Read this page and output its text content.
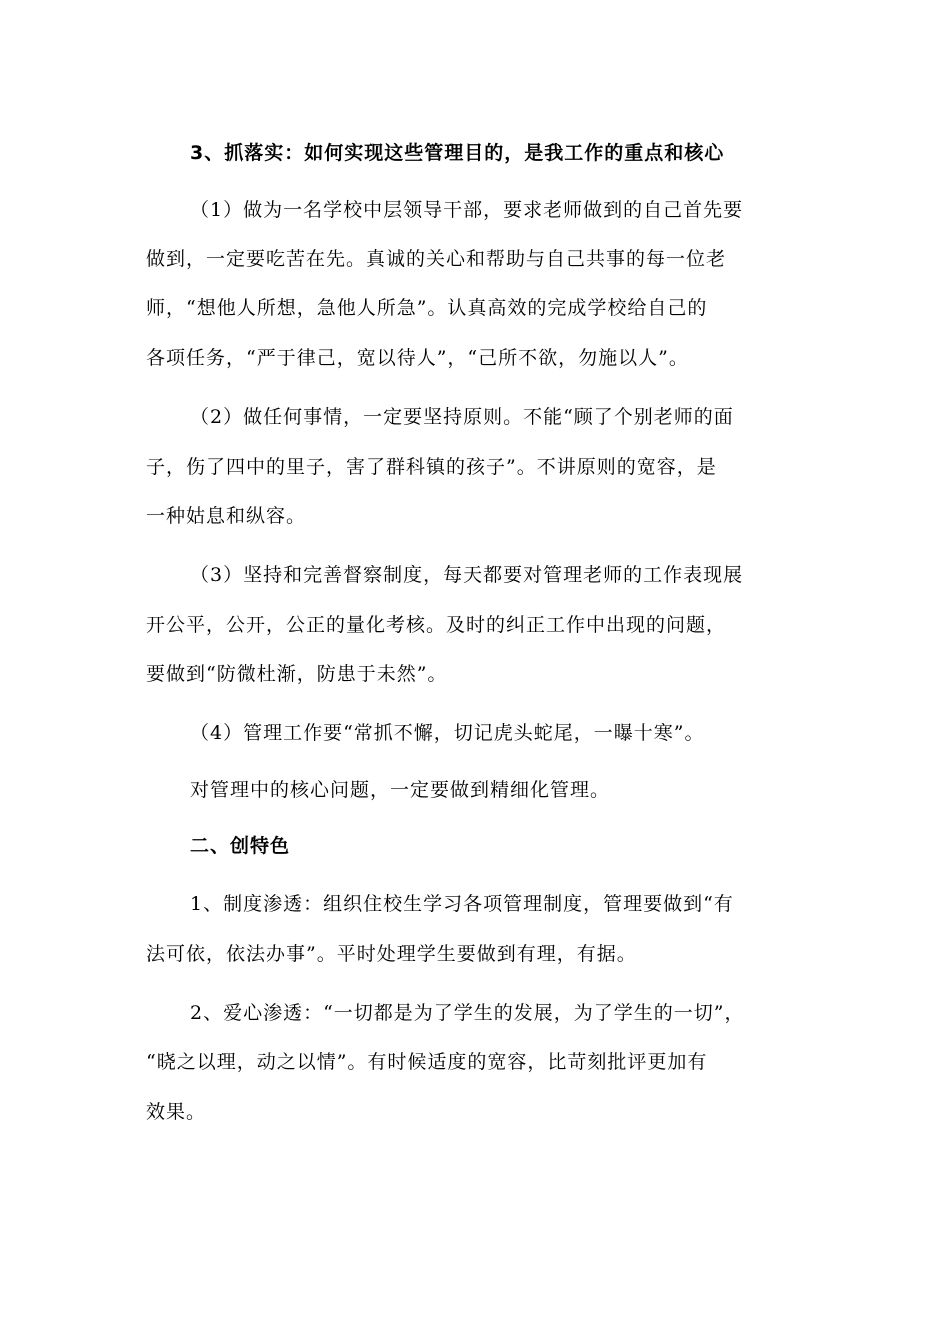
3、抓落实：如何实现这些管理目的，是我工作的重点和核心
（1）做为一名学校中层领导干部，要求老师做到的自己首先要
做到，一定要吃苦在先。真诚的关心和帮助与自己共事的每一位老
师，“想他人所想，急他人所急”。认真高效的完成学校给自己的
各项任务，“严于律己，宽以待人”，“己所不欲，勿施以人”。
（2）做任何事情，一定要坚持原则。不能“顾了个别老师的面
子，伤了四中的里子，害了群科镇的孩子”。不讲原则的宽容，是
一种姑息和纵容。
（3）坚持和完善督察制度，每天都要对管理老师的工作表现展
开公平，公开，公正的量化考核。及时的纠正工作中出现的问题，
要做到“防微杜渐，防患于未然”。
（4）管理工作要“常抓不懈，切记虎头蛇尾，一曝十寒”。
对管理中的核心问题，一定要做到精细化管理。
二、创特色
1、制度渗透：组织住校生学习各项管理制度，管理要做到“有
法可依，依法办事”。平时处理学生要做到有理，有据。
2、爱心渗透：“一切都是为了学生的发展，为了学生的一切”，
“晓之以理，动之以情”。有时候适度的宽容，比苛刻批评更加有
效果。
